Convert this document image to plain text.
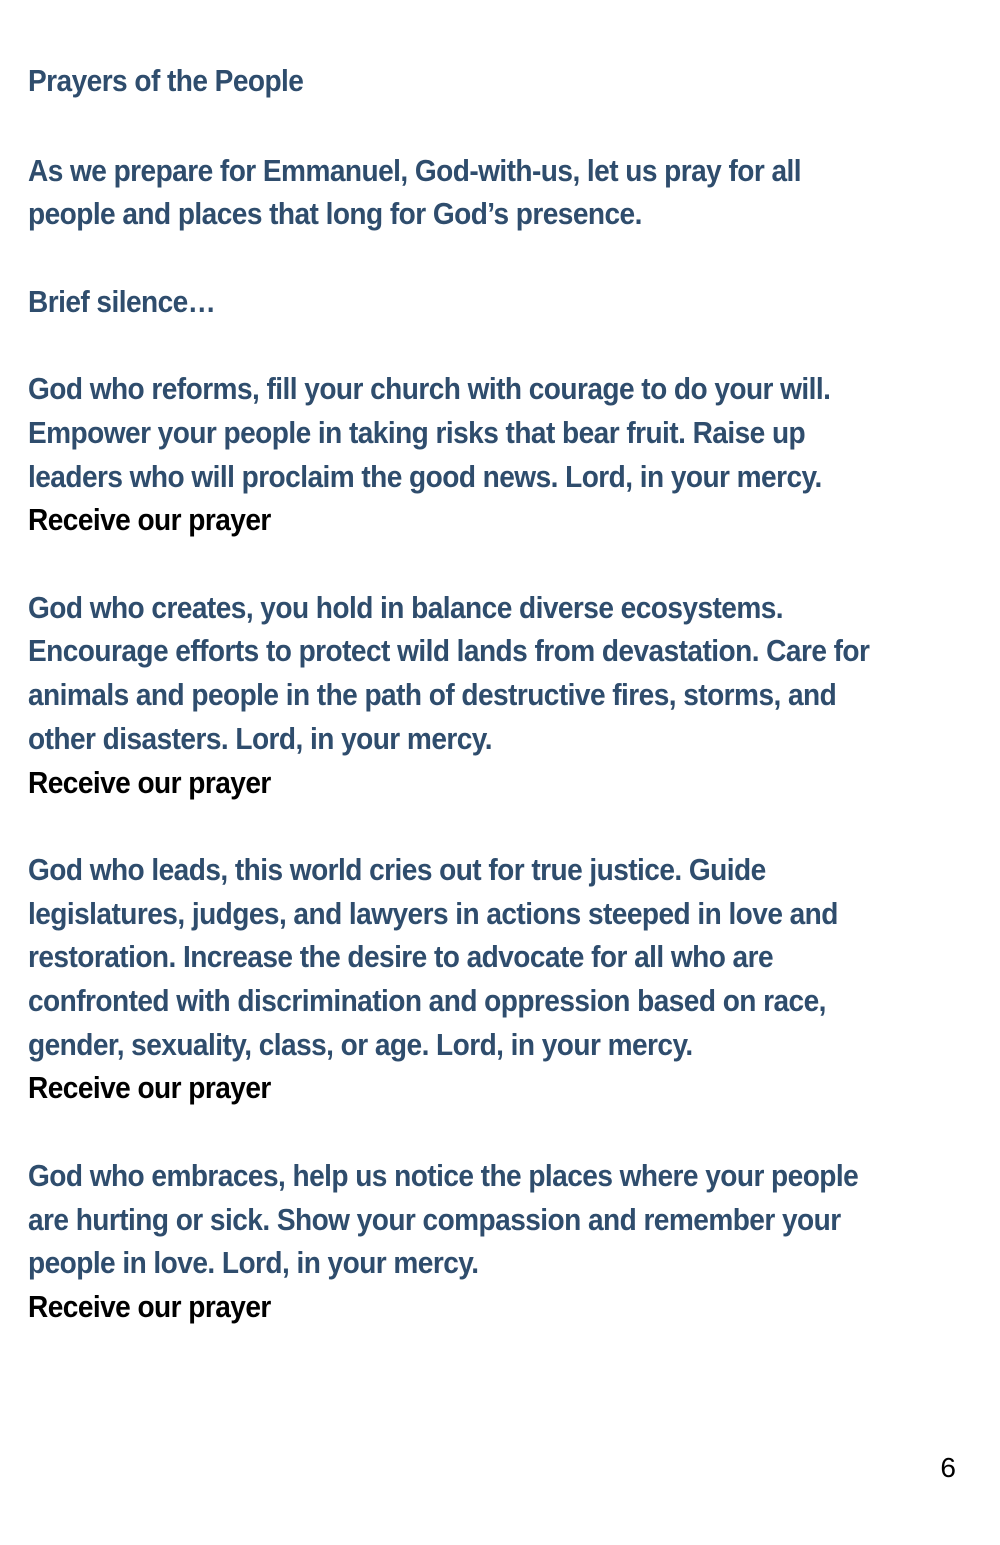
Prayers of the People

As we prepare for Emmanuel, God-with-us, let us pray for all people and places that long for God’s presence.

Brief silence…

God who reforms, fill your church with courage to do your will. Empower your people in taking risks that bear fruit. Raise up leaders who will proclaim the good news. Lord, in your mercy.
Receive our prayer
God who creates, you hold in balance diverse ecosystems. Encourage efforts to protect wild lands from devastation. Care for animals and people in the path of destructive fires, storms, and other disasters. Lord, in your mercy.
Receive our prayer
God who leads, this world cries out for true justice. Guide legislatures, judges, and lawyers in actions steeped in love and restoration. Increase the desire to advocate for all who are confronted with discrimination and oppression based on race, gender, sexuality, class, or age. Lord, in your mercy.
Receive our prayer
God who embraces, help us notice the places where your people are hurting or sick. Show your compassion and remember your people in love. Lord, in your mercy.
Receive our prayer
6
